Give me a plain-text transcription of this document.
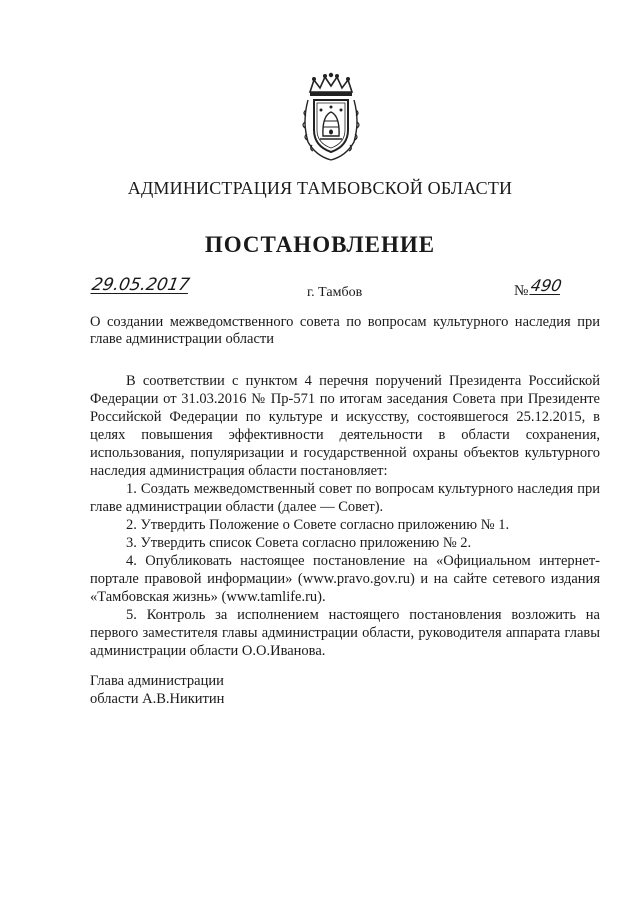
АДМИНИСТРАЦИЯ ТАМБОВСКОЙ ОБЛАСТИ
ПОСТАНОВЛЕНИЕ
29.05.2017	г. Тамбов	№ 490
О создании межведомственного совета по вопросам культурного наследия при главе администрации области

В соответствии с пунктом 4 перечня поручений Президента Российской Федерации от 31.03.2016 № Пр-571 по итогам заседания Совета при Президенте Российской Федерации по культуре и искусству, состоявшегося 25.12.2015, в целях повышения эффективности деятельности в области сохранения, использования, популяризации и государственной охраны объектов культурного наследия администрация области постановляет:

1. Создать межведомственный совет по вопросам культурного наследия при главе администрации области (далее — Совет).

2. Утвердить Положение о Совете согласно приложению № 1.

3. Утвердить список Совета согласно приложению № 2.

4. Опубликовать настоящее постановление на «Официальном интернет-портале правовой информации» (www.pravo.gov.ru) и на сайте сетевого издания «Тамбовская жизнь» (www.tamlife.ru).

5. Контроль за исполнением настоящего постановления возложить на первого заместителя главы администрации области, руководителя аппарата главы администрации области О.О.Иванова.

Глава администрации
области А.В.Никитин
